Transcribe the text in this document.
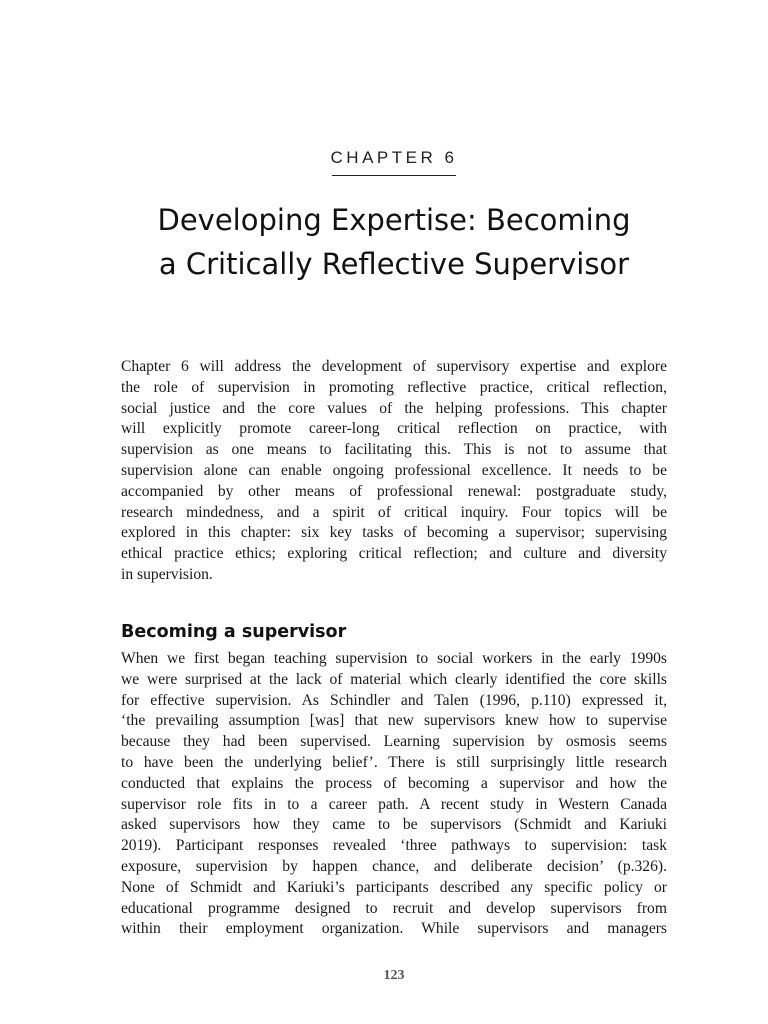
CHAPTER 6
Developing Expertise: Becoming
a Critically Reflective Supervisor
Chapter 6 will address the development of supervisory expertise and explore
the role of supervision in promoting reflective practice, critical reflection,
social justice and the core values of the helping professions. This chapter
will explicitly promote career-long critical reflection on practice, with
supervision as one means to facilitating this. This is not to assume that
supervision alone can enable ongoing professional excellence. It needs to be
accompanied by other means of professional renewal: postgraduate study,
research mindedness, and a spirit of critical inquiry. Four topics will be
explored in this chapter: six key tasks of becoming a supervisor; supervising
ethical practice ethics; exploring critical reflection; and culture and diversity
in supervision.
Becoming a supervisor
When we first began teaching supervision to social workers in the early 1990s
we were surprised at the lack of material which clearly identified the core skills
for effective supervision. As Schindler and Talen (1996, p.110) expressed it,
‘the prevailing assumption [was] that new supervisors knew how to supervise
because they had been supervised. Learning supervision by osmosis seems
to have been the underlying belief’. There is still surprisingly little research
conducted that explains the process of becoming a supervisor and how the
supervisor role fits in to a career path. A recent study in Western Canada
asked supervisors how they came to be supervisors (Schmidt and Kariuki
2019). Participant responses revealed ‘three pathways to supervision: task
exposure, supervision by happen chance, and deliberate decision’ (p.326).
None of Schmidt and Kariuki’s participants described any specific policy or
educational programme designed to recruit and develop supervisors from
within their employment organization. While supervisors and managers
123
